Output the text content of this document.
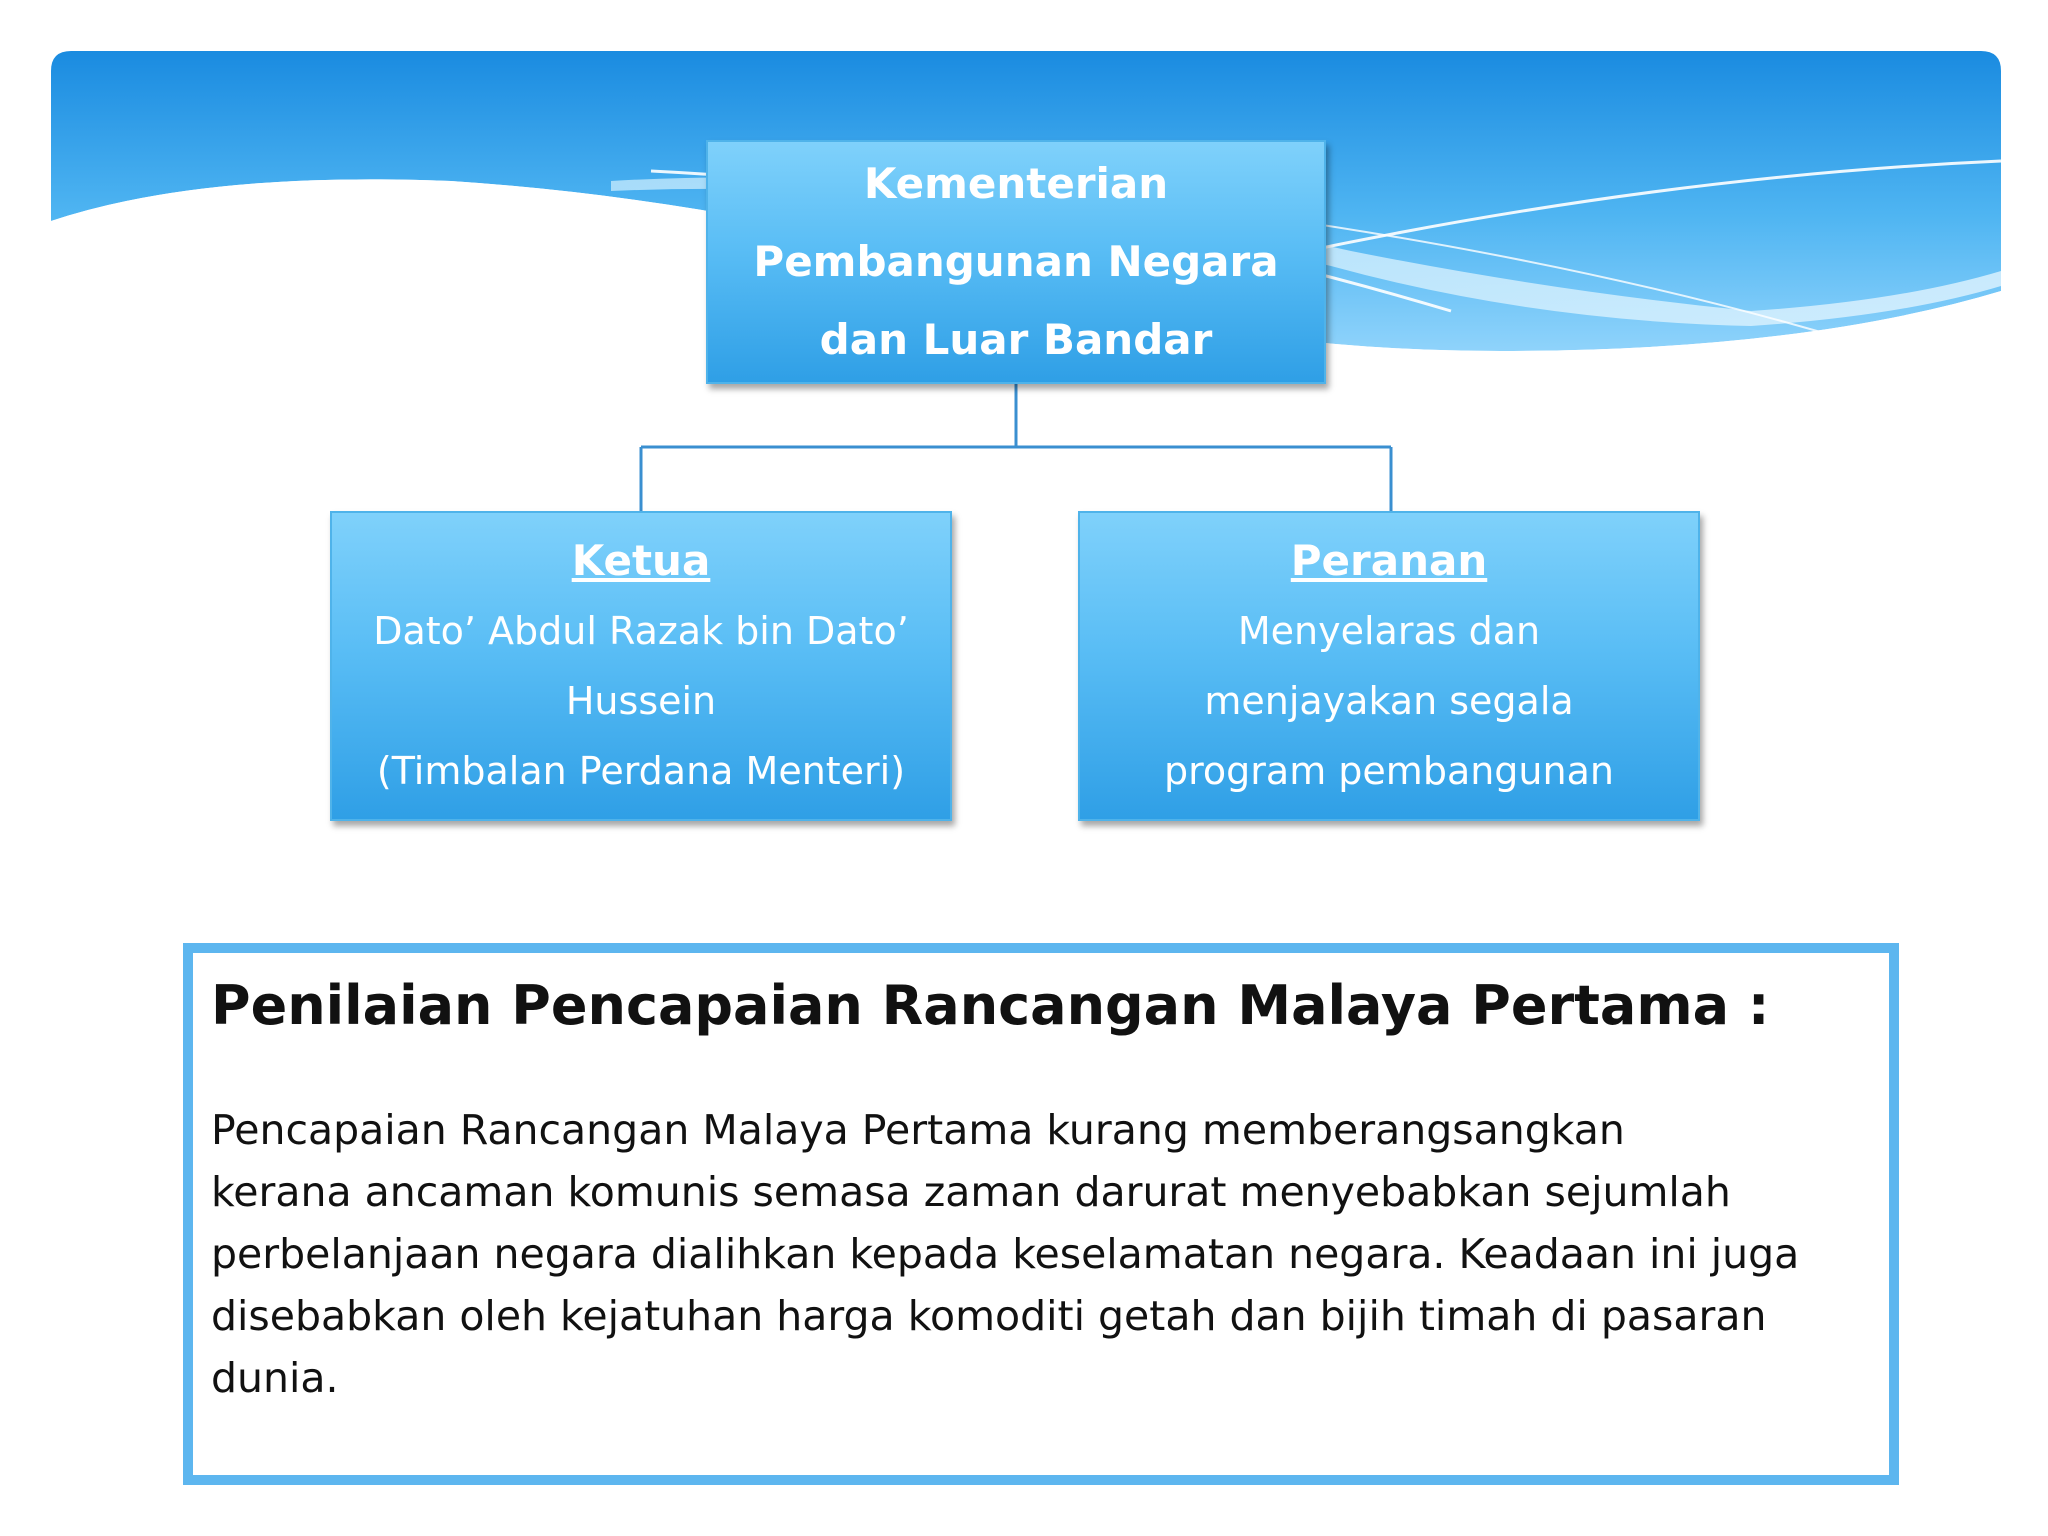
Kementerian
Pembangunan Negara
dan Luar Bandar
Ketua
Dato’ Abdul Razak bin Dato’
Hussein
(Timbalan Perdana Menteri)
Peranan
Menyelaras dan
menjayakan segala
program pembangunan
Penilaian Pencapaian Rancangan Malaya Pertama :

Pencapaian Rancangan Malaya Pertama kurang memberangsangkan
kerana ancaman komunis semasa zaman darurat menyebabkan sejumlah
perbelanjaan negara dialihkan kepada keselamatan negara. Keadaan ini juga
disebabkan oleh kejatuhan harga komoditi getah dan bijih timah di pasaran
dunia.
